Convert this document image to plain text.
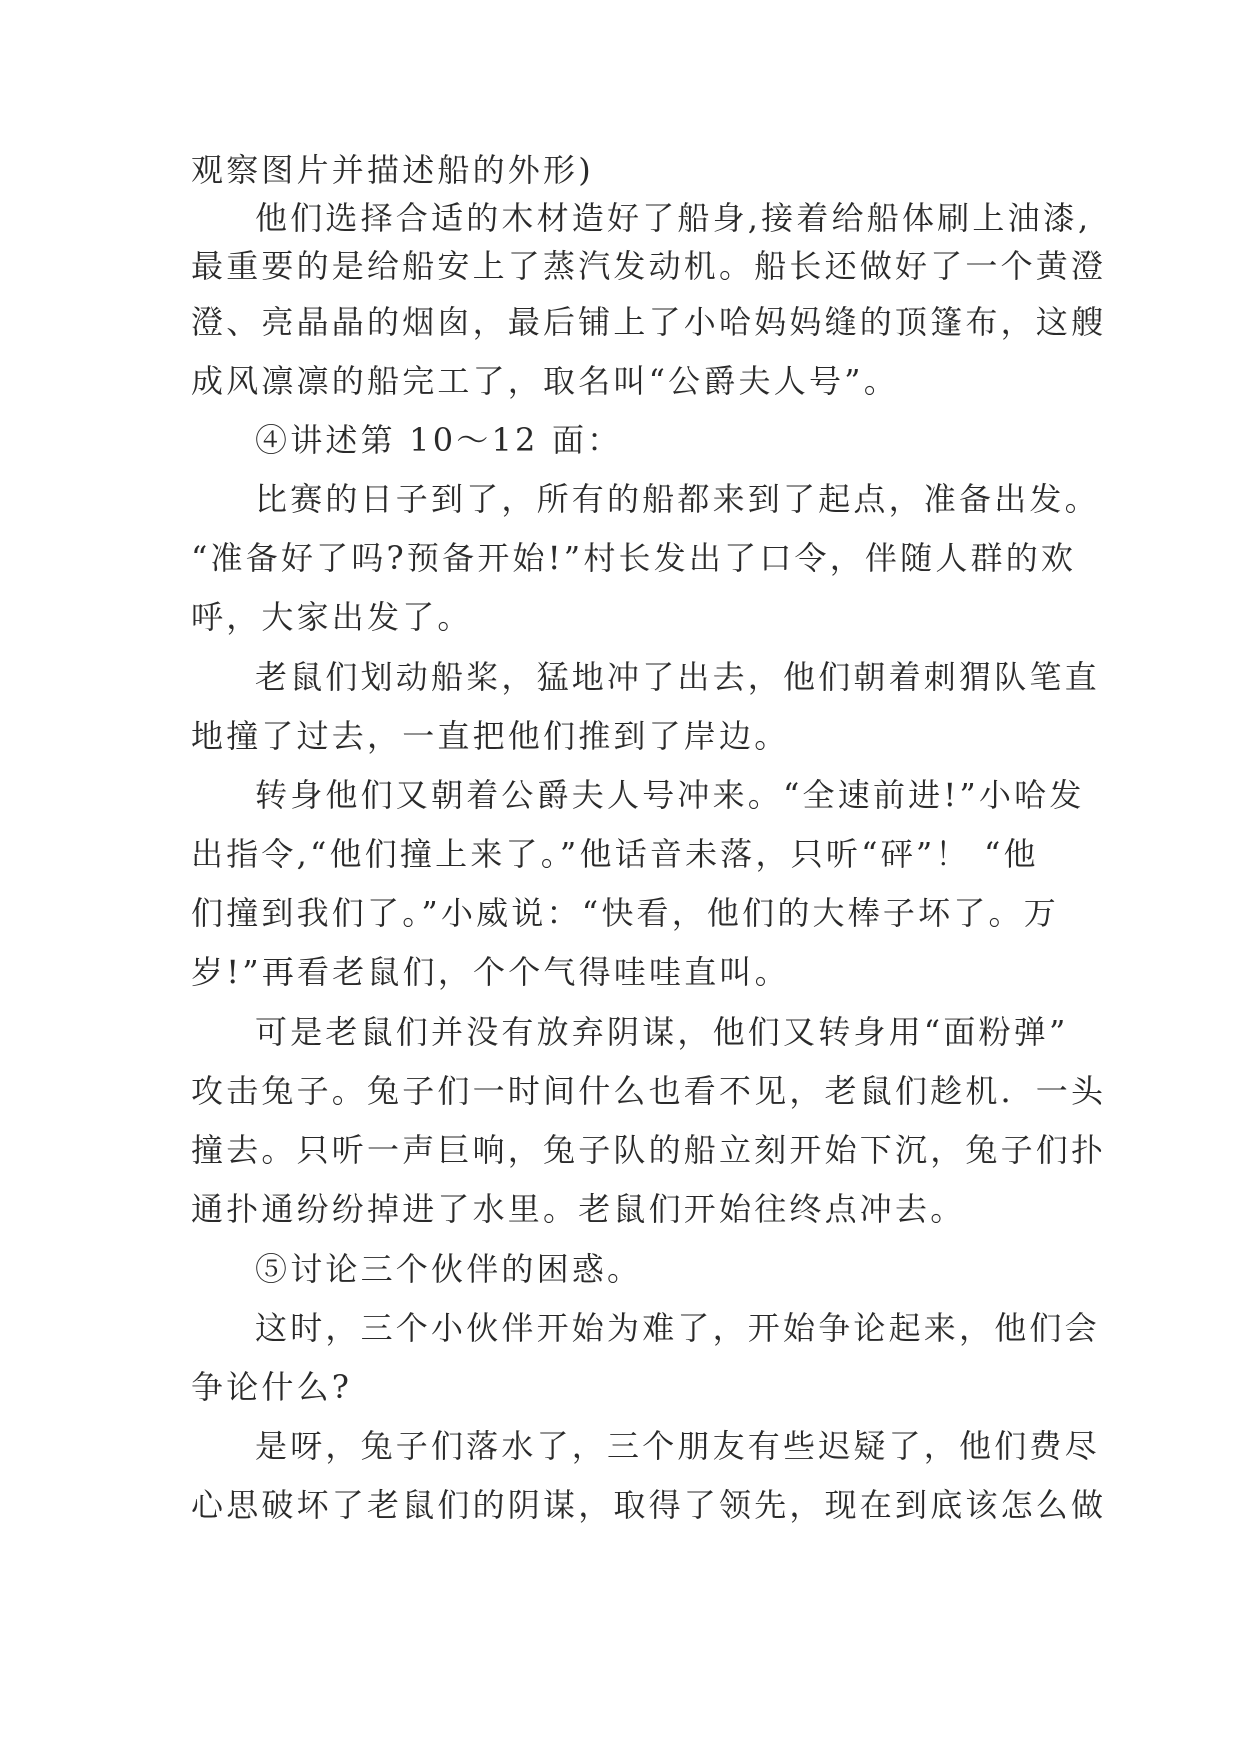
观察图片并描述船的外形)

他们选择合适的木材造好了船身,接着给船体刷上油漆,

最重要的是给船安上了蒸汽发动机。船长还做好了一个黄澄

澄、亮晶晶的烟囱，最后铺上了小哈妈妈缝的顶篷布，这艘

成风凛凛的船完工了，取名叫“公爵夫人号”。

④讲述第 10～12 面：

比赛的日子到了，所有的船都来到了起点，准备出发。

“准备好了吗?预备开始!”村长发出了口令，伴随人群的欢

呼，大家出发了。

老鼠们划动船桨，猛地冲了出去，他们朝着刺猬队笔直

地撞了过去，一直把他们推到了岸边。

转身他们又朝着公爵夫人号冲来。“全速前进!”小哈发

出指令,“他们撞上来了。”他话音未落，只听“砰”！ “他

们撞到我们了。”小威说：“快看，他们的大棒子坏了。万

岁!”再看老鼠们，个个气得哇哇直叫。

可是老鼠们并没有放弃阴谋，他们又转身用“面粉弹”

攻击兔子。兔子们一时间什么也看不见，老鼠们趁机．一头

撞去。只听一声巨响，兔子队的船立刻开始下沉，兔子们扑

通扑通纷纷掉进了水里。老鼠们开始往终点冲去。

⑤讨论三个伙伴的困惑。

这时，三个小伙伴开始为难了，开始争论起来，他们会

争论什么?

是呀，兔子们落水了，三个朋友有些迟疑了，他们费尽

心思破坏了老鼠们的阴谋，取得了领先，现在到底该怎么做
